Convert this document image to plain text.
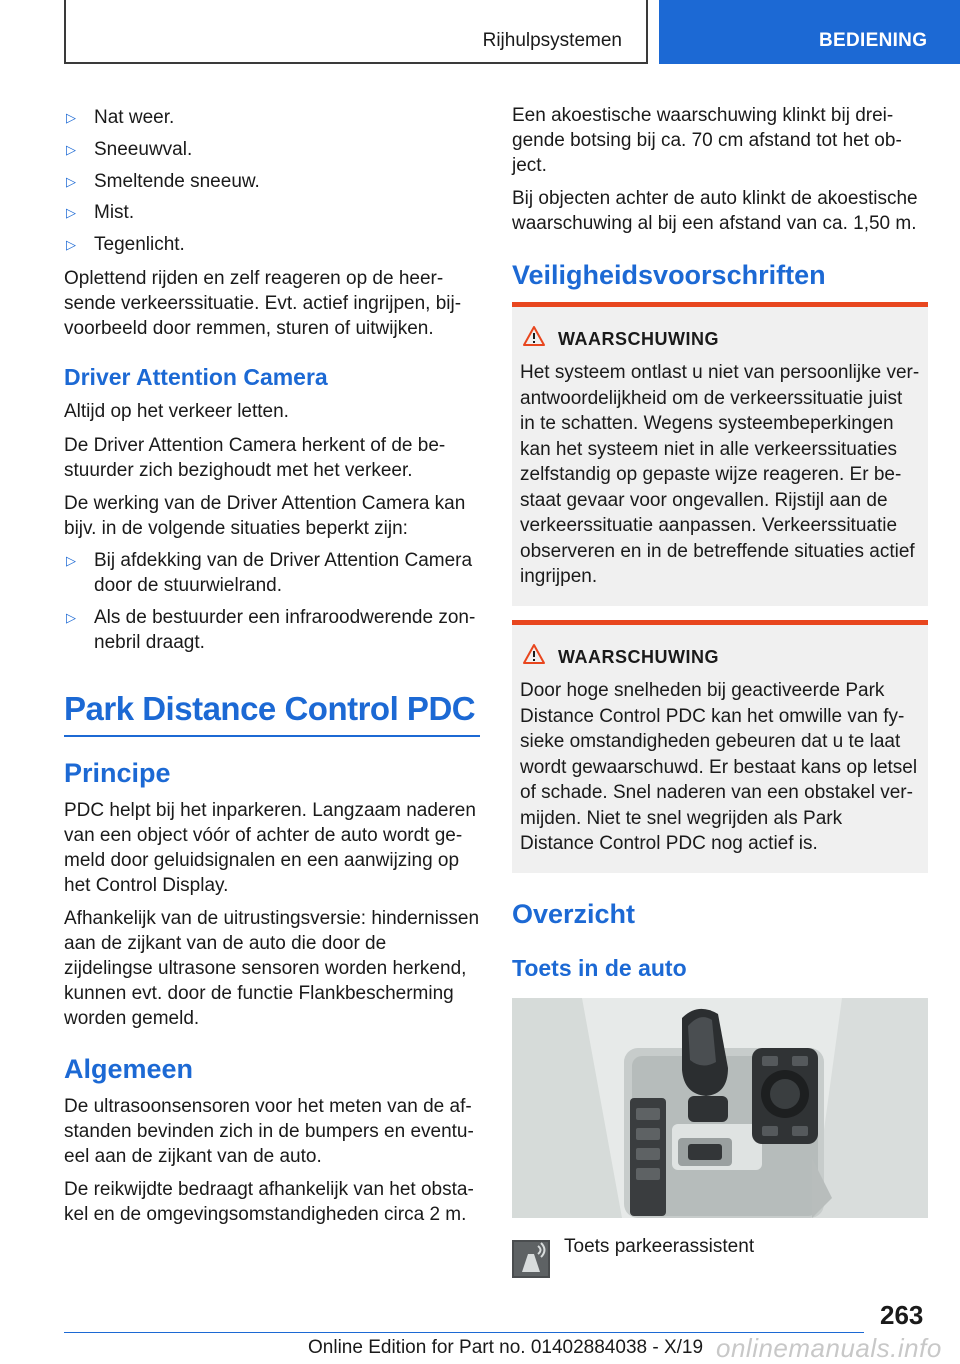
Rijhulpsystemen	BEDIENING
▷ Nat weer.
▷ Sneeuwval.
▷ Smeltende sneeuw.
▷ Mist.
▷ Tegenlicht.

Oplettend rijden en zelf reageren op de heersende verkeerssituatie. Evt. actief ingrijpen, bijvoorbeeld door remmen, sturen of uitwijken.

Driver Attention Camera

Altijd op het verkeer letten.

De Driver Attention Camera herkent of de bestuurder zich bezighoudt met het verkeer.

De werking van de Driver Attention Camera kan bijv. in de volgende situaties beperkt zijn:

▷ Bij afdekking van de Driver Attention Camera door de stuurwielrand.
▷ Als de bestuurder een infraroodwerende zonnebril draagt.
Park Distance Control PDC
Principe

PDC helpt bij het inparkeren. Langzaam naderen van een object vóór of achter de auto wordt gemeld door geluidsignalen en een aanwijzing op het Control Display.

Afhankelijk van de uitrustingsversie: hindernissen aan de zijkant van de auto die door de zijdelingse ultrasone sensoren worden herkend, kunnen evt. door de functie Flankbescherming worden gemeld.

Algemeen

De ultrasoonsensoren voor het meten van de afstanden bevinden zich in de bumpers en eventueel aan de zijkant van de auto.

De reikwijdte bedraagt afhankelijk van het obstakel en de omgevingsomstandigheden circa 2 m.

Een akoestische waarschuwing klinkt bij dreigende botsing bij ca. 70 cm afstand tot het object.

Bij objecten achter de auto klinkt de akoestische waarschuwing al bij een afstand van ca. 1,50 m.

Veiligheidsvoorschriften
WAARSCHUWING
Het systeem ontlast u niet van persoonlijke verantwoordelijkheid om de verkeerssituatie juist in te schatten. Wegens systeembeperkingen kan het systeem niet in alle verkeerssituaties zelfstandig op gepaste wijze reageren. Er bestaat gevaar voor ongevallen. Rijstijl aan de verkeerssituatie aanpassen. Verkeerssituatie observeren en in de betreffende situaties actief ingrijpen.
WAARSCHUWING
Door hoge snelheden bij geactiveerde Park Distance Control PDC kan het omwille van fysieke omstandigheden gebeuren dat u te laat wordt gewaarschuwd. Er bestaat kans op letsel of schade. Snel naderen van een obstakel vermijden. Niet te snel wegrijden als Park Distance Control PDC nog actief is.
Overzicht
Toets in de auto
Toets parkeerassistent
263
Online Edition for Part no. 01402884038 - X/19 onlinemanuals.info
